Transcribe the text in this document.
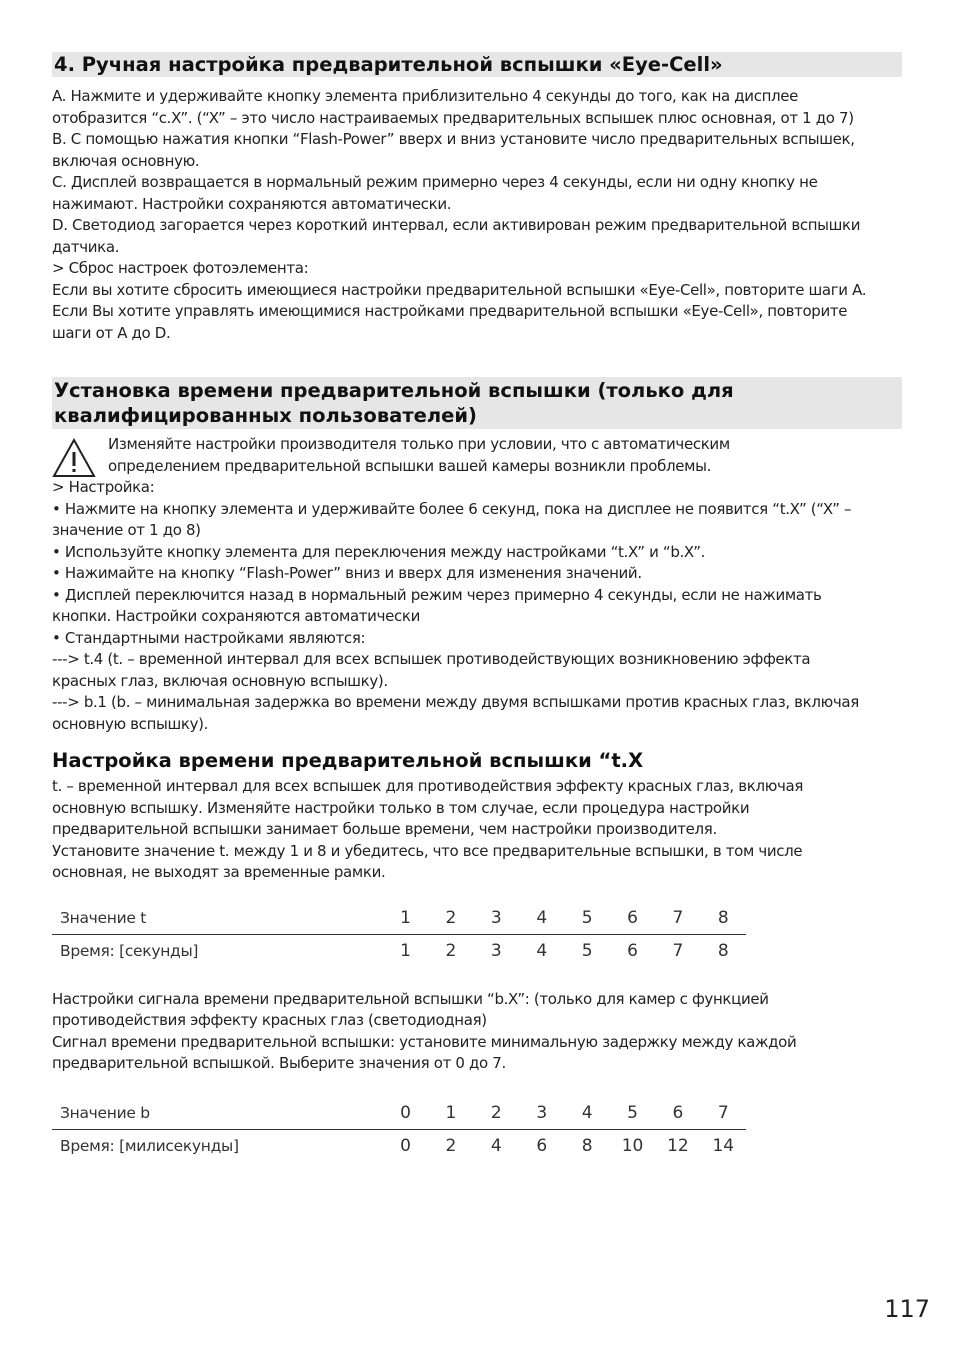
4. Ручная настройка предварительной вспышки «Eye-Cell»

A. Нажмите и удерживайте кнопку элемента приблизительно 4 секунды до того, как на дисплее

отобразится “c.X”. (“X” – это число настраиваемых предварительных вспышек плюс основная, от 1 до 7)

B. С помощью нажатия кнопки “Flash-Power” вверх и вниз установите число предварительных вспышек,

включая основную.

C. Дисплей возвращается в нормальный режим примерно через 4 секунды, если ни одну кнопку не

нажимают. Настройки сохраняются автоматически.

D. Светодиод загорается через короткий интервал, если активирован режим предварительной вспышки

датчика.

> Сброс настроек фотоэлемента:

Если вы хотите сбросить имеющиеся настройки предварительной вспышки «Eye-Cell», повторите шаги A.

Если Вы хотите управлять имеющимися настройками предварительной вспышки «Eye-Cell», повторите

шаги от A до D.

Установка времени предварительной вспышки (только для
квалифицированных пользователей)

Изменяйте настройки производителя только при условии, что с автоматическим

определением предварительной вспышки вашей камеры возникли проблемы.

> Настройка:

• Нажмите на кнопку элемента и удерживайте более 6 секунд, пока на дисплее не появится “t.X” (“X” –

значение от 1 до 8)

• Используйте кнопку элемента для переключения между настройками “t.X” и “b.X”.

• Нажимайте на кнопку “Flash-Power” вниз и вверх для изменения значений.

• Дисплей переключится назад в нормальный режим через примерно 4 секунды, если не нажимать

кнопки. Настройки сохраняются автоматически

• Стандартными настройками являются:

---> t.4 (t. – временной интервал для всех вспышек противодействующих возникновению эффекта

красных глаз, включая основную вспышку).

---> b.1 (b. – минимальная задержка во времени между двумя вспышками против красных глаз, включая

основную вспышку).

Настройка времени предварительной вспышки “t.X

t. – временной интервал для всех вспышек для противодействия эффекту красных глаз, включая

основную вспышку. Изменяйте настройки только в том случае, если процедура настройки

предварительной вспышки занимает больше времени, чем настройки производителя.

Установите значение t. между 1 и 8 и убедитесь, что все предварительные вспышки, в том числе

основная, не выходят за временные рамки.

Значение t	1	2	3	4	5	6	7	8
Время: [секунды]	1	2	3	4	5	6	7	8

Настройки сигнала времени предварительной вспышки “b.X”: (только для камер с функцией

противодействия эффекту красных глаз (светодиодная)

Сигнал времени предварительной вспышки: установите минимальную задержку между каждой

предварительной вспышкой. Выберите значения от 0 до 7.

Значение b	0	1	2	3	4	5	6	7
Время: [милисекунды]	0	2	4	6	8	10	12	14
117
